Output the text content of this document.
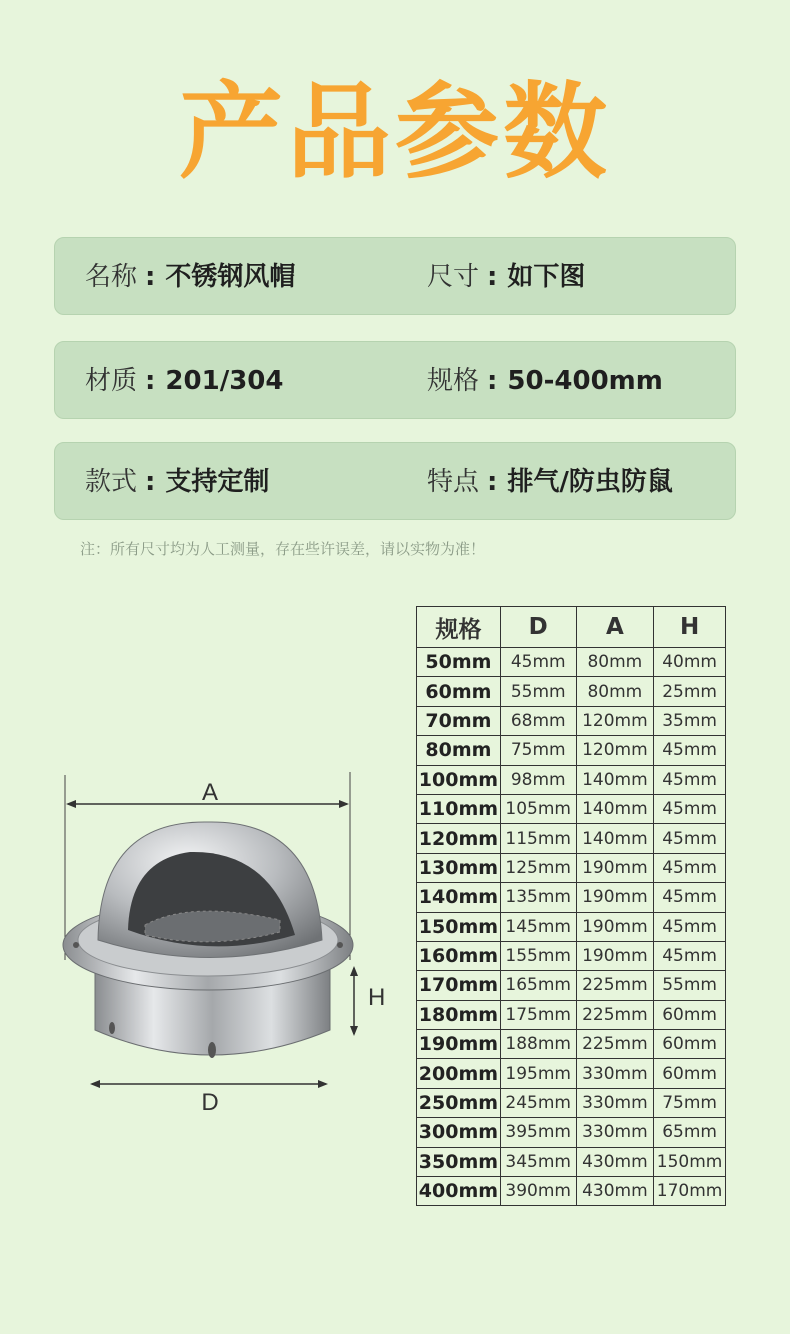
产品参数
名称 : 不锈钢风帽	尺寸 : 如下图
材质 : 201/304	规格 : 50-400mm
款式 : 支持定制	特点 : 排气/防虫防鼠
注：所有尺寸均为人工测量，存在些许误差，请以实物为准！
A
H
D
规格	D	A	H
50mm	45mm	80mm	40mm
60mm	55mm	80mm	25mm
70mm	68mm	120mm	35mm
80mm	75mm	120mm	45mm
100mm	98mm	140mm	45mm
110mm	105mm	140mm	45mm
120mm	115mm	140mm	45mm
130mm	125mm	190mm	45mm
140mm	135mm	190mm	45mm
150mm	145mm	190mm	45mm
160mm	155mm	190mm	45mm
170mm	165mm	225mm	55mm
180mm	175mm	225mm	60mm
190mm	188mm	225mm	60mm
200mm	195mm	330mm	60mm
250mm	245mm	330mm	75mm
300mm	395mm	330mm	65mm
350mm	345mm	430mm	150mm
400mm	390mm	430mm	170mm
